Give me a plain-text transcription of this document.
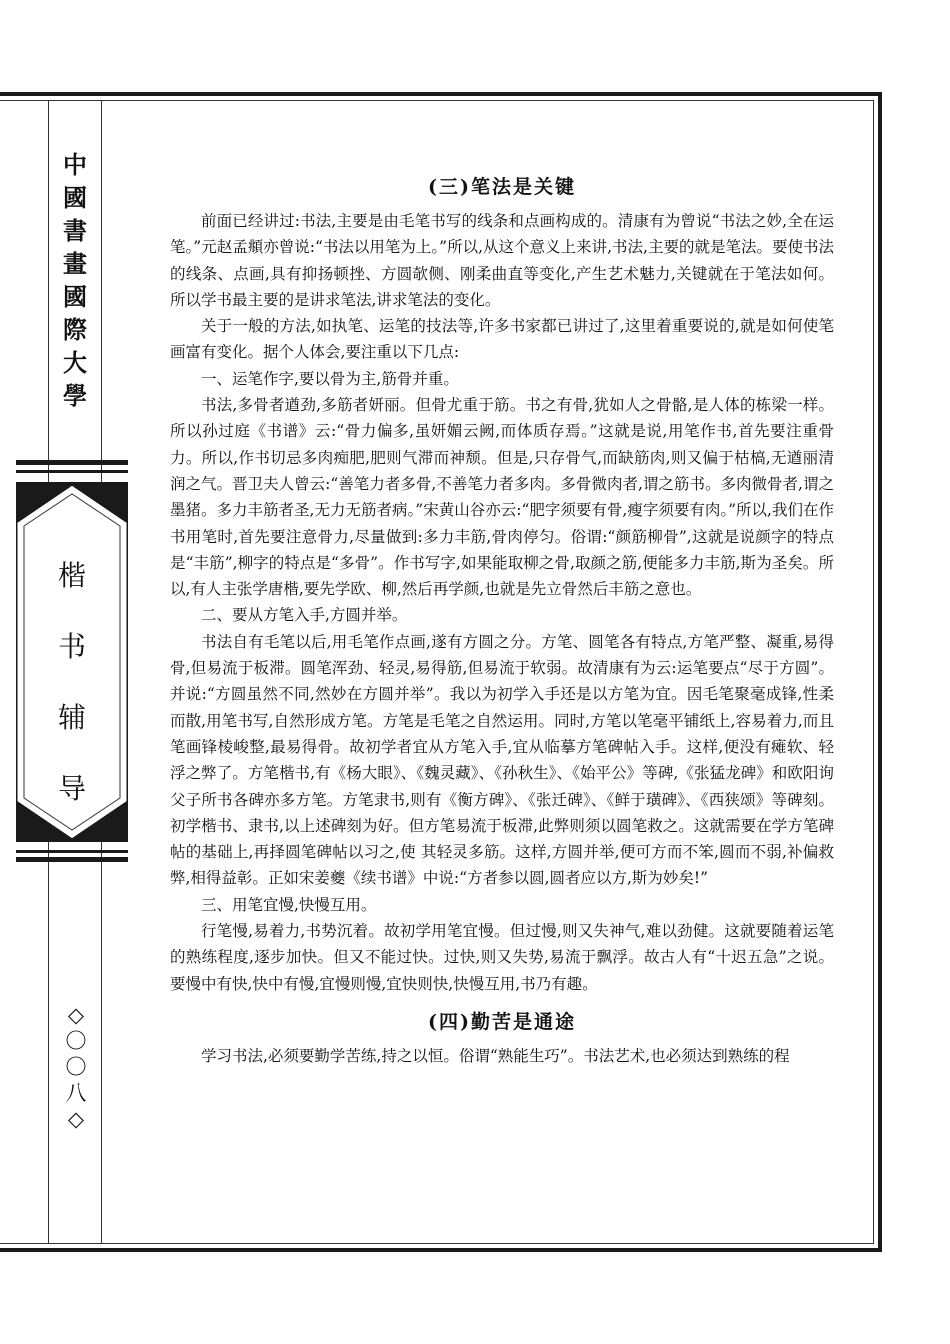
中
國
書
畫
國
際
大
學
楷
书
辅
导
◇
〇
〇
八
◇
(三)笔法是关键

前面已经讲过:书法,主要是由毛笔书写的线条和点画构成的。清康有为曾说“书法之妙,全在运笔。”元赵孟頫亦曾说:“书法以用笔为上。”所以,从这个意义上来讲,书法,主要的就是笔法。要使书法的线条、点画,具有抑扬顿挫、方圆欹侧、刚柔曲直等变化,产生艺术魅力,关键就在于笔法如何。所以学书最主要的是讲求笔法,讲求笔法的变化。

关于一般的方法,如执笔、运笔的技法等,许多书家都已讲过了,这里着重要说的,就是如何使笔画富有变化。据个人体会,要注重以下几点:

一、运笔作字,要以骨为主,筋骨并重。

书法,多骨者遒劲,多筋者妍丽。但骨尤重于筋。书之有骨,犹如人之骨骼,是人体的栋梁一样。所以孙过庭《书谱》云:“骨力偏多,虽妍媚云阙,而体质存焉。”这就是说,用笔作书,首先要注重骨力。所以,作书切忌多肉痴肥,肥则气滞而神颓。但是,只存骨气,而缺筋肉,则又偏于枯槁,无遒丽清润之气。晋卫夫人曾云:“善笔力者多骨,不善笔力者多肉。多骨微肉者,谓之筋书。多肉微骨者,谓之墨猪。多力丰筋者圣,无力无筋者病。”宋黄山谷亦云:“肥字须要有骨,瘦字须要有肉。”所以,我们在作书用笔时,首先要注意骨力,尽量做到:多力丰筋,骨肉停匀。俗谓:“颜筋柳骨”,这就是说颜字的特点是“丰筋”,柳字的特点是“多骨”。作书写字,如果能取柳之骨,取颜之筋,便能多力丰筋,斯为圣矣。所以,有人主张学唐楷,要先学欧、柳,然后再学颜,也就是先立骨然后丰筋之意也。

二、要从方笔入手,方圆并举。

书法自有毛笔以后,用毛笔作点画,遂有方圆之分。方笔、圆笔各有特点,方笔严整、凝重,易得骨,但易流于板滞。圆笔浑劲、轻灵,易得筋,但易流于软弱。故清康有为云:运笔要点“尽于方圆”。并说:“方圆虽然不同,然妙在方圆并举”。我以为初学入手还是以方笔为宜。因毛笔聚毫成锋,性柔而散,用笔书写,自然形成方笔。方笔是毛笔之自然运用。同时,方笔以笔毫平铺纸上,容易着力,而且笔画锋棱峻整,最易得骨。故初学者宜从方笔入手,宜从临摹方笔碑帖入手。这样,便没有瘫软、轻浮之弊了。方笔楷书,有《杨大眼》、《魏灵藏》、《孙秋生》、《始平公》等碑,《张猛龙碑》和欧阳询父子所书各碑亦多方笔。方笔隶书,则有《衡方碑》、《张迁碑》、《鲜于璜碑》、《西狭颂》等碑刻。初学楷书、隶书,以上述碑刻为好。但方笔易流于板滞,此弊则须以圆笔救之。这就需要在学方笔碑帖的基础上,再择圆笔碑帖以习之,使 其轻灵多筋。这样,方圆并举,便可方而不笨,圆而不弱,补偏救弊,相得益彰。正如宋姜夔《续书谱》中说:“方者参以圆,圆者应以方,斯为妙矣!”

三、用笔宜慢,快慢互用。

行笔慢,易着力,书势沉着。故初学用笔宜慢。但过慢,则又失神气,难以劲健。这就要随着运笔的熟练程度,逐步加快。但又不能过快。过快,则又失势,易流于飘浮。故古人有“十迟五急”之说。要慢中有快,快中有慢,宜慢则慢,宜快则快,快慢互用,书乃有趣。

(四)勤苦是通途

学习书法,必须要勤学苦练,持之以恒。俗谓“熟能生巧”。书法艺术,也必须达到熟练的程
